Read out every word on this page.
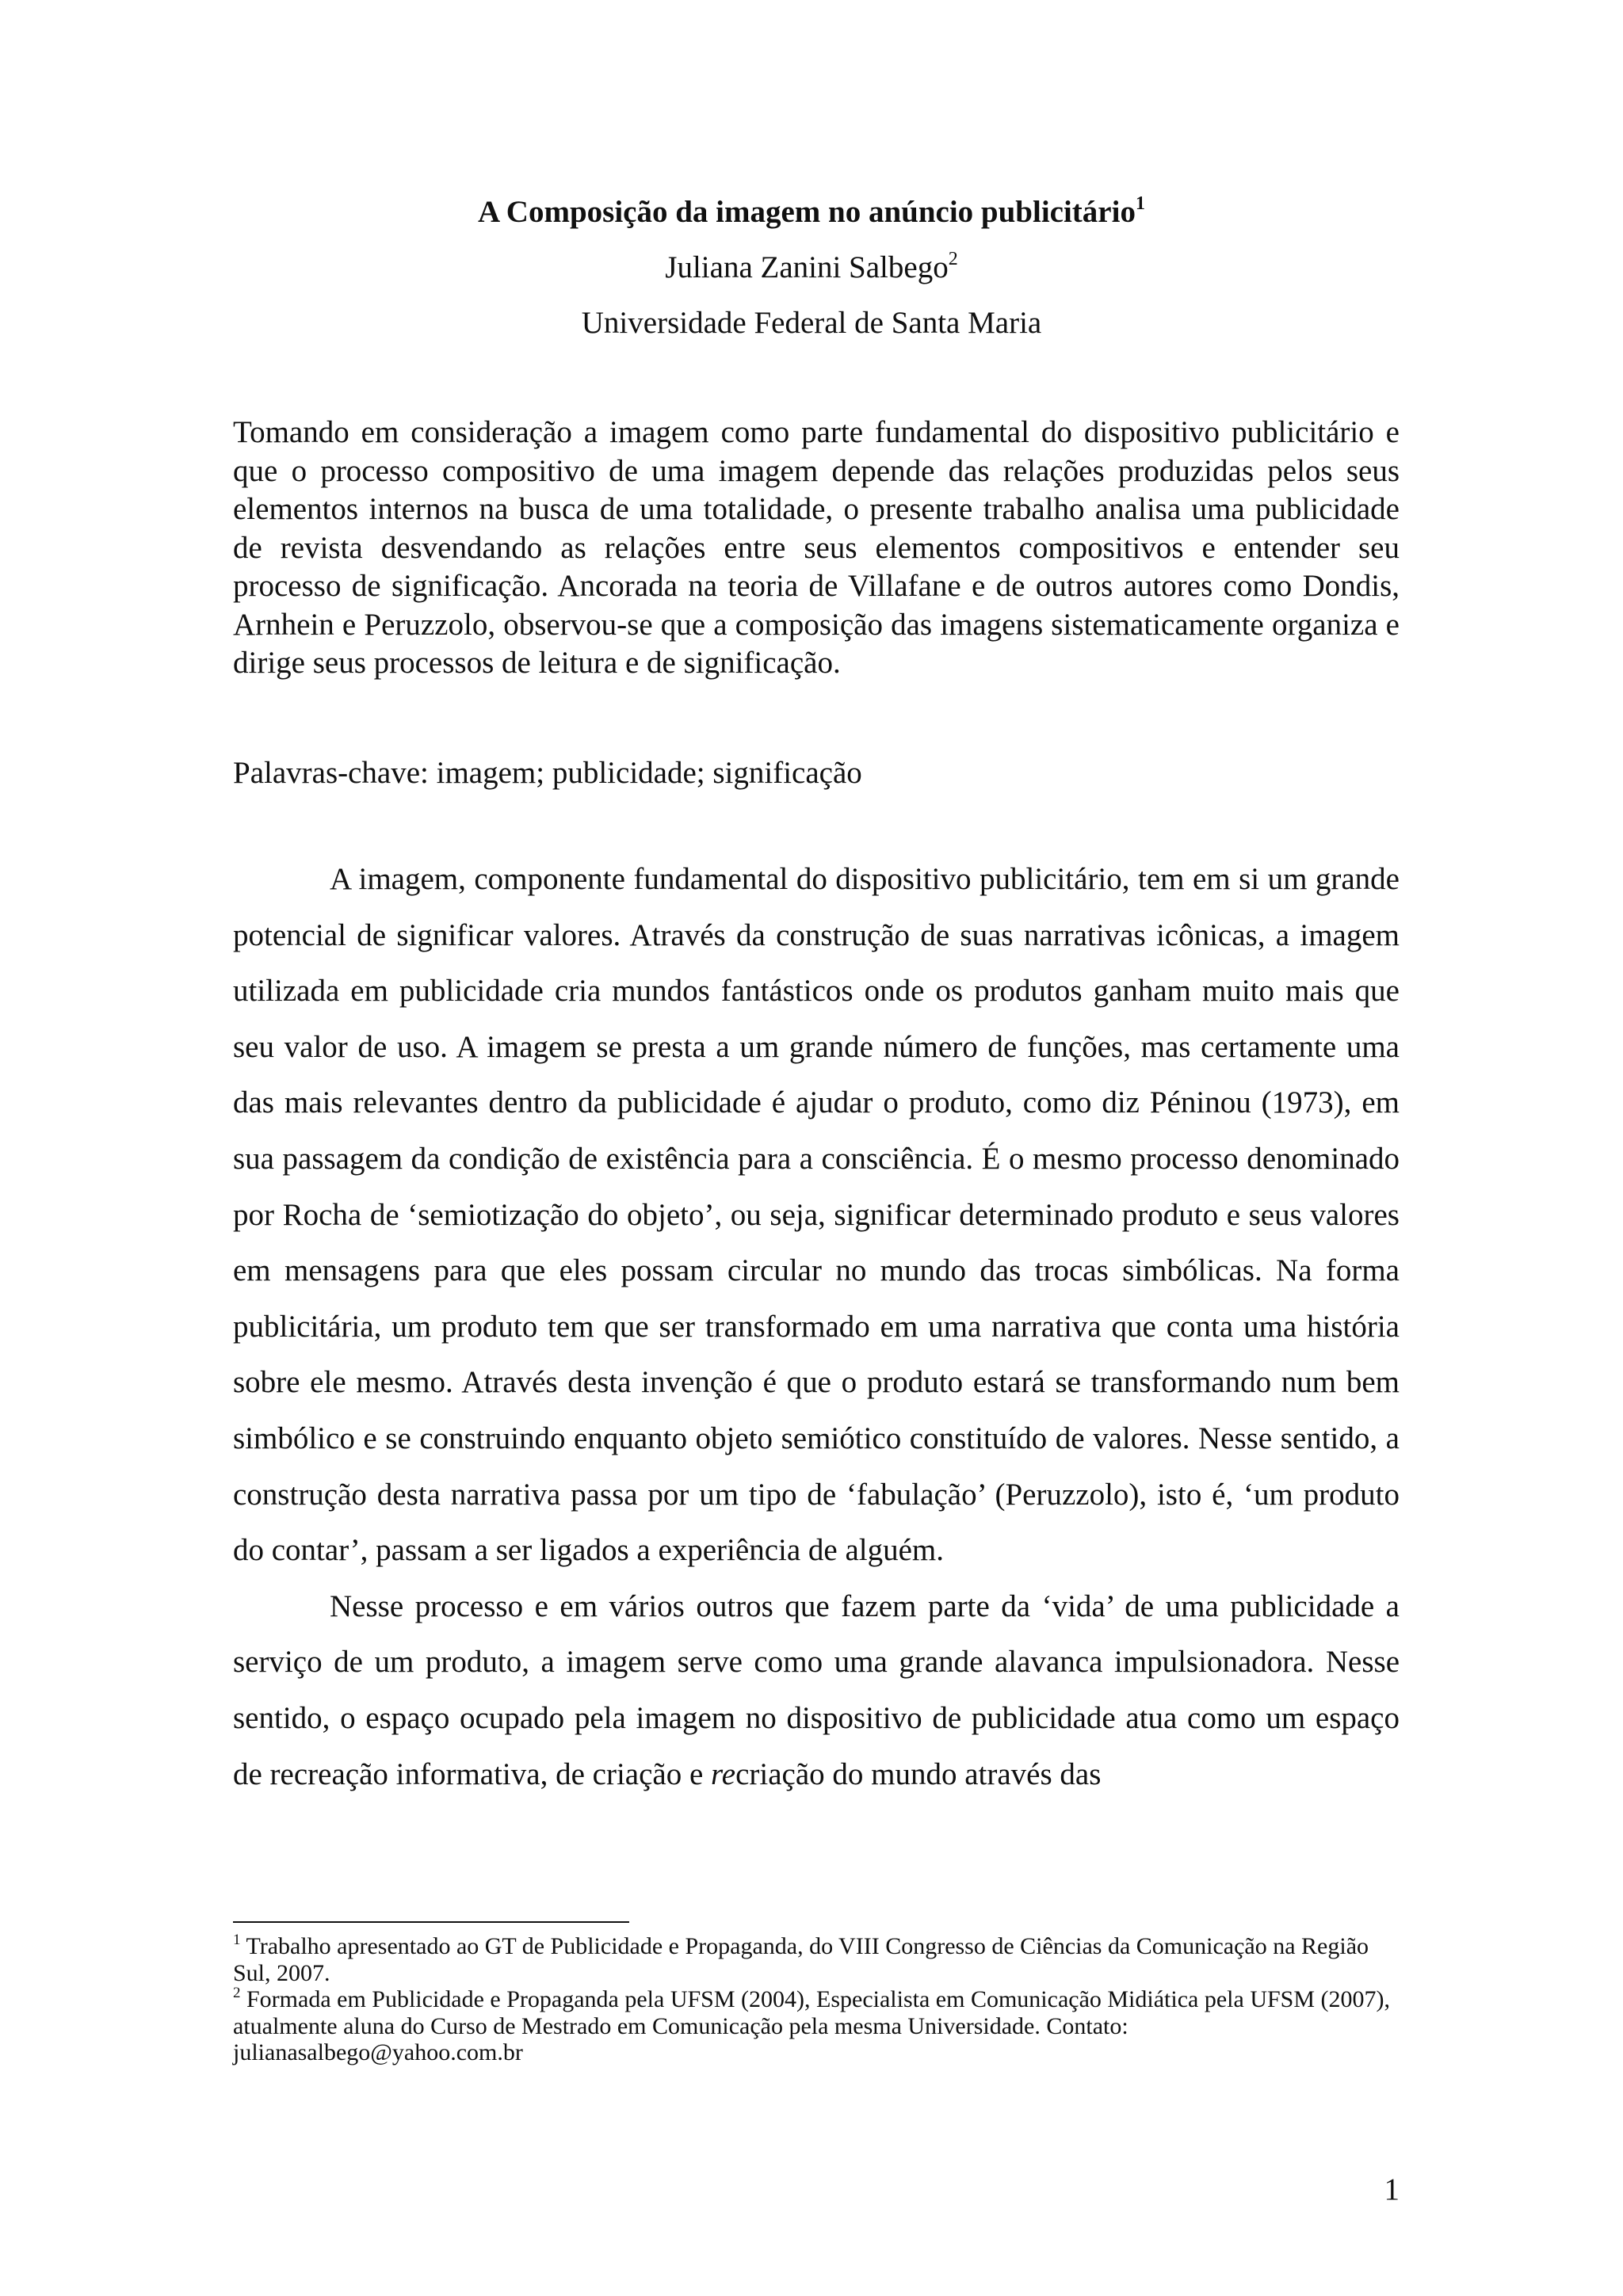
A Composição da imagem no anúncio publicitário$^1$
Juliana Zanini Salbego$^2$
Universidade Federal de Santa Maria

Tomando em consideração a imagem como parte fundamental do dispositivo publicitário e que o processo compositivo de uma imagem depende das relações produzidas pelos seus elementos internos na busca de uma totalidade, o presente trabalho analisa uma publicidade de revista desvendando as relações entre seus elementos compositivos e entender seu processo de significação. Ancorada na teoria de Villafane e de outros autores como Dondis, Arnhein e Peruzzolo, observou-se que a composição das imagens sistematicamente organiza e dirige seus processos de leitura e de significação.

Palavras-chave: imagem; publicidade; significação

A imagem, componente fundamental do dispositivo publicitário, tem em si um grande potencial de significar valores. Através da construção de suas narrativas icônicas, a imagem utilizada em publicidade cria mundos fantásticos onde os produtos ganham muito mais que seu valor de uso. A imagem se presta a um grande número de funções, mas certamente uma das mais relevantes dentro da publicidade é ajudar o produto, como diz Péninou (1973), em sua passagem da condição de existência para a consciência. É o mesmo processo denominado por Rocha de ‘semiotização do objeto’, ou seja, significar determinado produto e seus valores em mensagens para que eles possam circular no mundo das trocas simbólicas. Na forma publicitária, um produto tem que ser transformado em uma narrativa que conta uma história sobre ele mesmo. Através desta invenção é que o produto estará se transformando num bem simbólico e se construindo enquanto objeto semiótico constituído de valores. Nesse sentido, a construção desta narrativa passa por um tipo de ‘fabulação’ (Peruzzolo), isto é, ‘um produto do contar’, passam a ser ligados a experiência de alguém.

Nesse processo e em vários outros que fazem parte da ‘vida’ de uma publicidade a serviço de um produto, a imagem serve como uma grande alavanca impulsionadora. Nesse sentido, o espaço ocupado pela imagem no dispositivo de publicidade atua como um espaço de recreação informativa, de criação e recriação do mundo através das

$^1$ Trabalho apresentado ao GT de Publicidade e Propaganda, do VIII Congresso de Ciências da Comunicação na Região Sul, 2007.

$^2$ Formada em Publicidade e Propaganda pela UFSM (2004), Especialista em Comunicação Midiática pela UFSM (2007), atualmente aluna do Curso de Mestrado em Comunicação pela mesma Universidade. Contato: julianasalbego@yahoo.com.br

1
